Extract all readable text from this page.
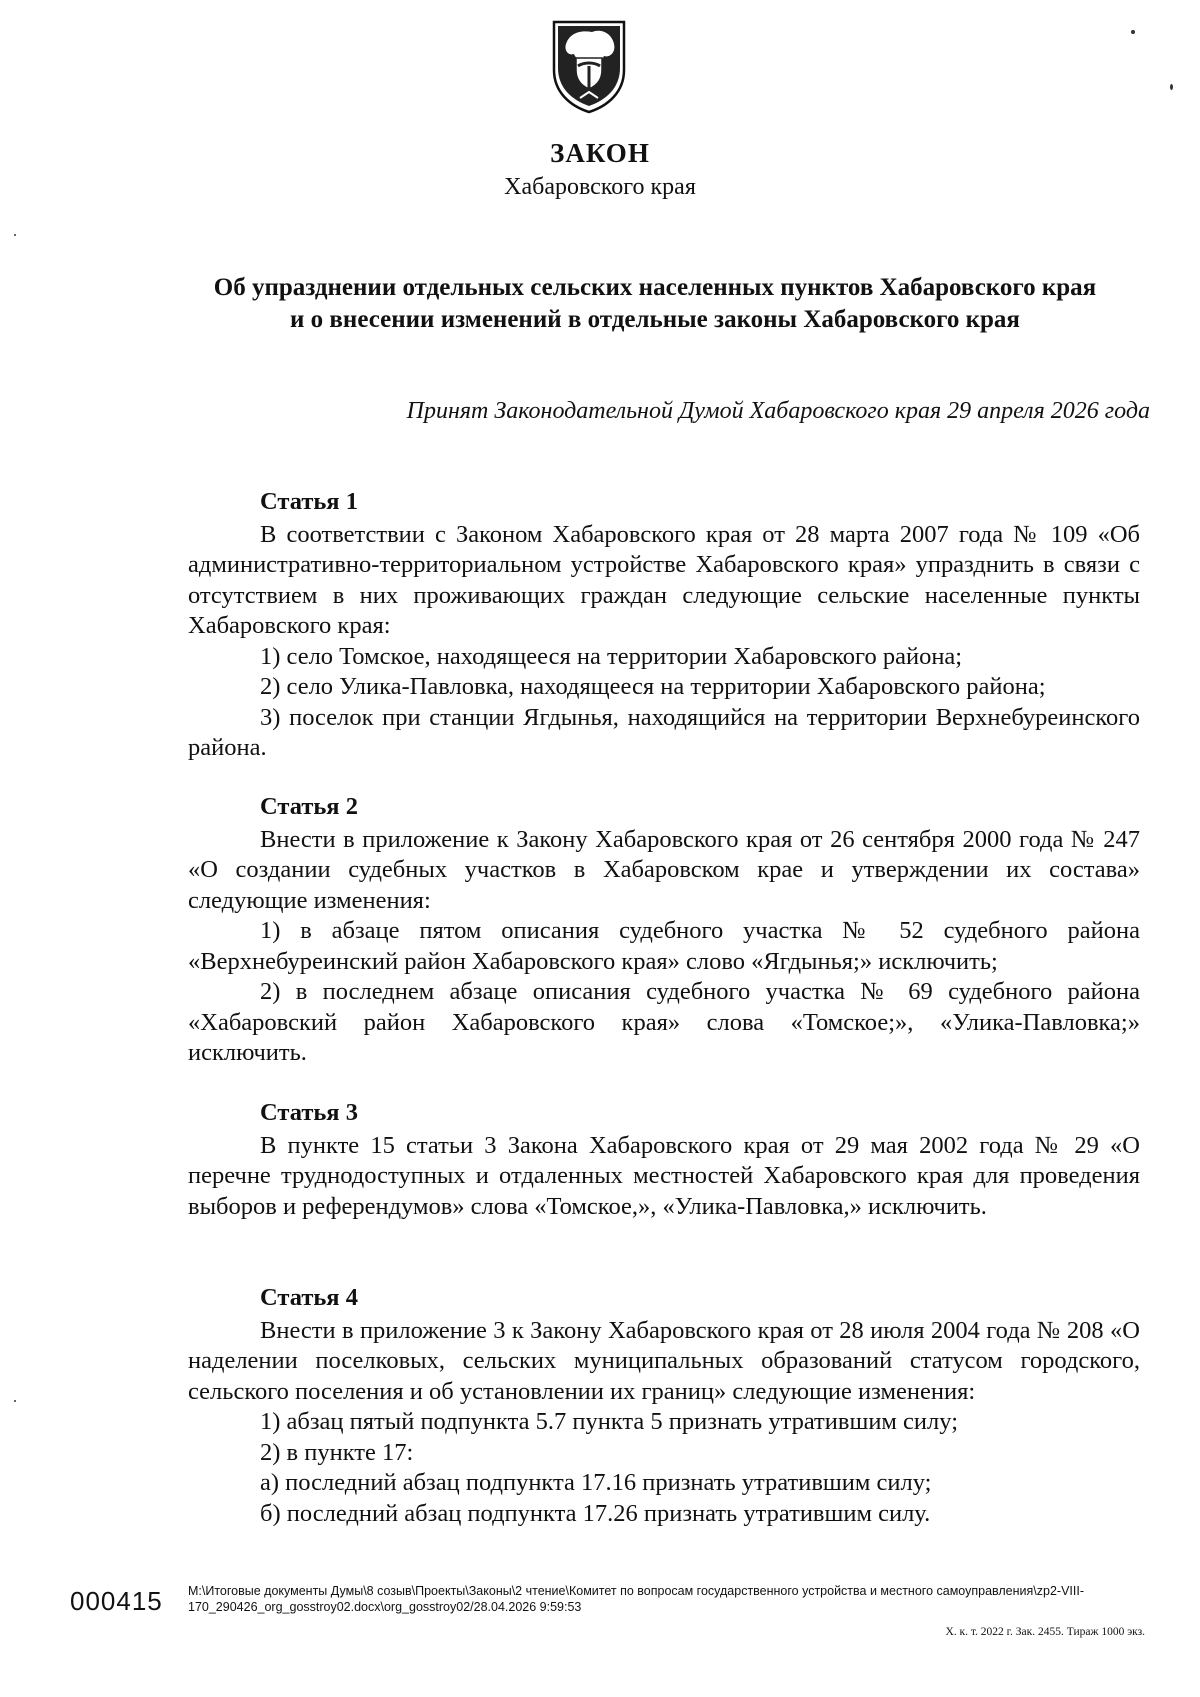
ЗАКОН
Хабаровского края
Об упразднении отдельных сельских населенных пунктов Хабаровского края
и о внесении изменений в отдельные законы Хабаровского края
Принят Законодательной Думой Хабаровского края 29 апреля 2026 года
Статья 1

В соответствии с Законом Хабаровского края от 28 марта 2007 года № 109 «Об административно-территориальном устройстве Хабаровского края» упразднить в связи с отсутствием в них проживающих граждан следующие сельские населенные пункты Хабаровского края:

1) село Томское, находящееся на территории Хабаровского района;

2) село Улика-Павловка, находящееся на территории Хабаровского района;

3) поселок при станции Ягдынья, находящийся на территории Верхнебуреинского района.

Статья 2

Внести в приложение к Закону Хабаровского края от 26 сентября 2000 года № 247 «О создании судебных участков в Хабаровском крае и утверждении их состава» следующие изменения:

1) в абзаце пятом описания судебного участка № 52 судебного района «Верхнебуреинский район Хабаровского края» слово «Ягдынья;» исключить;

2) в последнем абзаце описания судебного участка № 69 судебного района «Хабаровский район Хабаровского края» слова «Томское;», «Улика-Павловка;» исключить.

Статья 3

В пункте 15 статьи 3 Закона Хабаровского края от 29 мая 2002 года № 29 «О перечне труднодоступных и отдаленных местностей Хабаровского края для проведения выборов и референдумов» слова «Томское,», «Улика-Павловка,» исключить.

Статья 4

Внести в приложение 3 к Закону Хабаровского края от 28 июля 2004 года № 208 «О наделении поселковых, сельских муниципальных образований статусом городского, сельского поселения и об установлении их границ» следующие изменения:

1) абзац пятый подпункта 5.7 пункта 5 признать утратившим силу;

2) в пункте 17:

а) последний абзац подпункта 17.16 признать утратившим силу;

б) последний абзац подпункта 17.26 признать утратившим силу.

000415 M:\Итоговые документы Думы\8 созыв\Проекты\Законы\2 чтение\Комитет по вопросам государственного устройства и местного самоуправления\zp2-VIII-
170_290426_org_gosstroy02.docx\org_gosstroy02/28.04.2026 9:59:53
Х. к. т. 2022 г. Зак. 2455. Тираж 1000 экз.
